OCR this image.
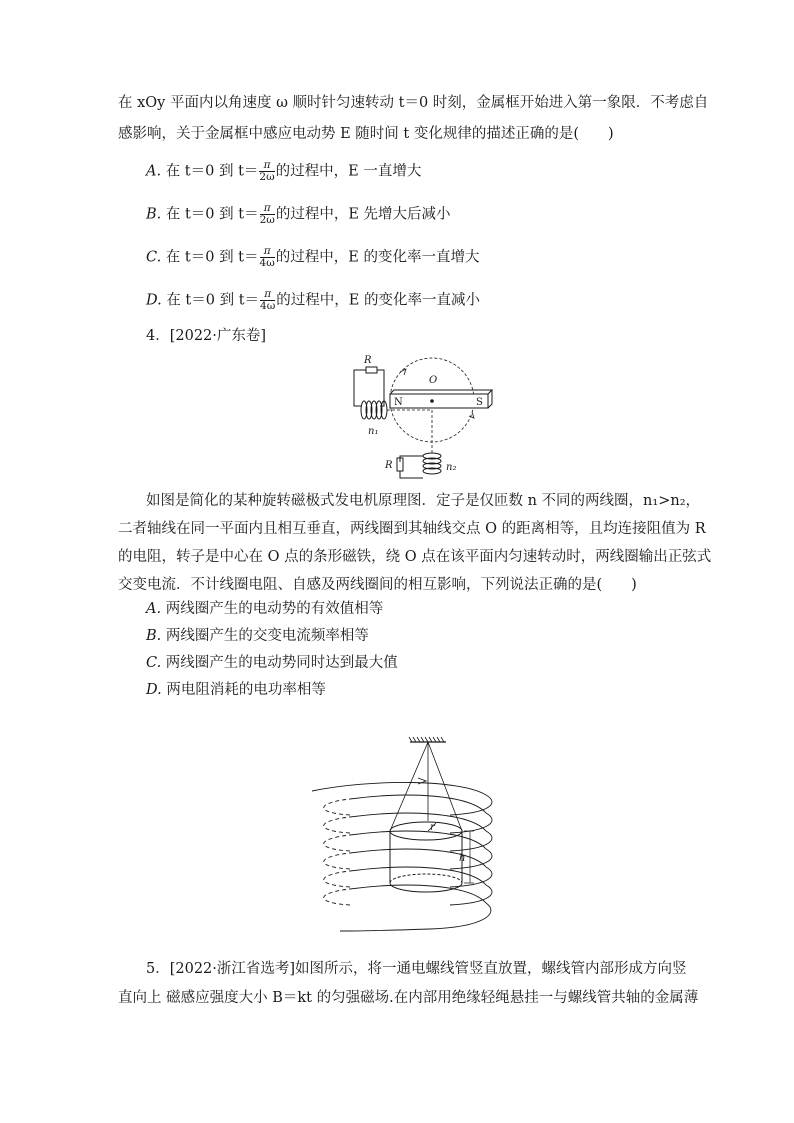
在 xOy 平面内以角速度 ω 顺时针匀速转动 t＝0 时刻，金属框开始进入第一象限．不考虑自
感影响，关于金属框中感应电动势 E 随时间 t 变化规律的描述正确的是(　　)
A. 在 t＝0 到 $t= \frac{\pi}{2\omega}$ 的过程中，E 一直增大
B. 在 t＝0 到 $t= \frac{\pi}{2\omega}$ 的过程中，E 先增大后减小
C. 在 t＝0 到 $t= \frac{\pi}{4\omega}$ 的过程中，E 的变化率一直增大
D. 在 t＝0 到 $t= \frac{\pi}{4\omega}$ 的过程中，E 的变化率一直减小
4．[2022·广东卷]
R
n₁
O
N	S
R	n₂
如图是简化的某种旋转磁极式发电机原理图．定子是仅匝数 n 不同的两线圈，n₁>n₂，
二者轴线在同一平面内且相互垂直，两线圈到其轴线交点 O 的距离相等，且均连接阻值为 R
的电阻，转子是中心在 O 点的条形磁铁，绕 O 点在该平面内匀速转动时，两线圈输出正弦式
交变电流．不计线圈电阻、自感及两线圈间的相互影响，下列说法正确的是(　　)
A. 两线圈产生的电动势的有效值相等
B. 两线圈产生的交变电流频率相等
C. 两线圈产生的电动势同时达到最大值
D. 两电阻消耗的电功率相等
r
h
5．[2022·浙江省选考]如图所示，将一通电螺线管竖直放置，螺线管内部形成方向竖
直向上 磁感应强度大小 B＝kt 的匀强磁场.在内部用绝缘轻绳悬挂一与螺线管共轴的金属薄
